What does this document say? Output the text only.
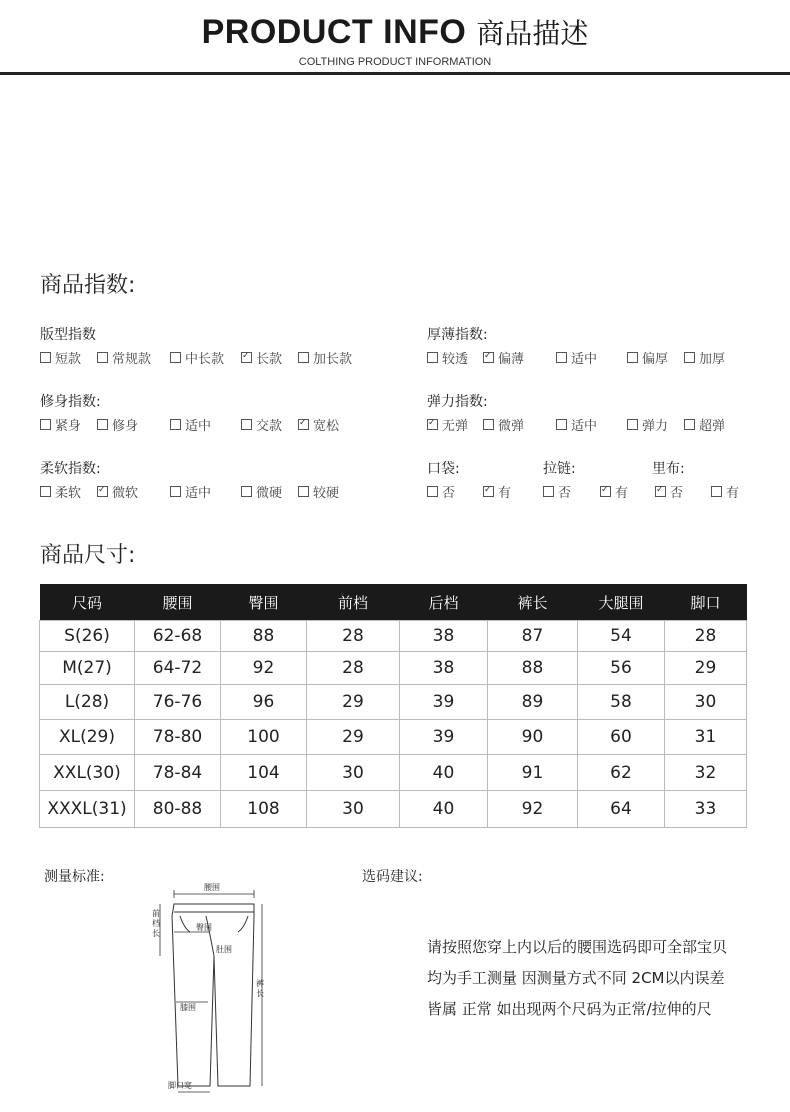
PRODUCT INFO 商品描述
COLTHING PRODUCT INFORMATION
商品指数:
版型指数
短款	常规款	中长款 ✓	长款	加长款
厚薄指数:
较透 ✓	偏薄	适中	偏厚	加厚
修身指数:
紧身	修身	适中	交款 ✓	宽松
弹力指数:
✓无弹	微弹	适中	弹力	超弹
柔软指数:
柔软 ✓	微软	适中	微硬	较硬
口袋:	拉链:	里布:
否 ✓	有	否 ✓	有 ✓	否	有
商品尺寸:
尺码	腰围	臀围	前档	后档	裤长	大腿围	脚口
S(26)	62-68	88	28	38	87	54	28
M(27)	64-72	92	28	38	88	56	29
L(28)	76-76	96	29	39	89	58	30
XL(29)	78-80	100	29	39	90	60	31
XXL(30)	78-84	104	30	40	91	62	32
XXXL(31)	80-88	108	30	40	92	64	33
测量标准:
腰围
前
档
长
臀围
肚围
裤
长
膝围
脚口宽
选码建议:
请按照您穿上内以后的腰围选码即可全部宝贝
均为手工测量 因测量方式不同 2CM以内误差
皆属 正常 如出现两个尺码为正常/拉伸的尺
